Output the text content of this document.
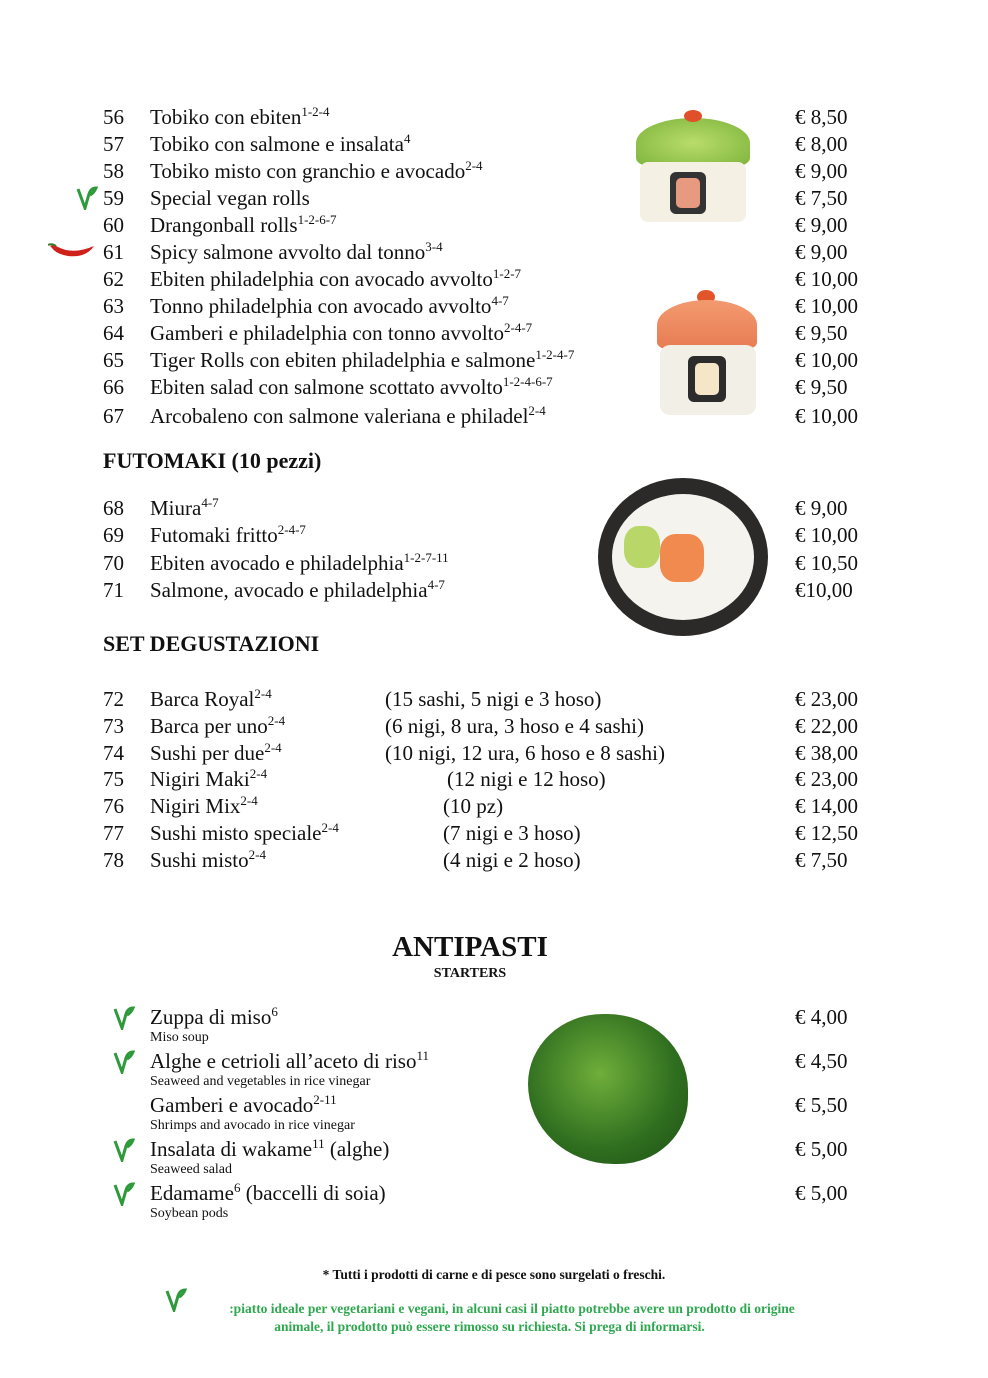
56 Tobiko con ebiten$^{1-2-4}$	€ 8,50
57 Tobiko con salmone e insalata$^4$	€ 8,00
58 Tobiko misto con granchio e avocado$^{2-4}$	€ 9,00
59 Special vegan rolls	€ 7,50
60 Drangonball rolls$^{1-2-6-7}$	€ 9,00
61 Spicy salmone avvolto dal tonno$^{3-4}$	€ 9,00
62 Ebiten philadelphia con avocado avvolto$^{1-2-7}$	€ 10,00
63 Tonno philadelphia con avocado avvolto$^{4-7}$	€ 10,00
64 Gamberi e philadelphia con tonno avvolto$^{2-4-7}$	€ 9,50
65 Tiger Rolls con ebiten philadelphia e salmone$^{1-2-4-7}$	€ 10,00
66 Ebiten salad con salmone scottato avvolto$^{1-2-4-6-7}$	€ 9,50
67 Arcobaleno con salmone valeriana e philadel$^{2-4}$	€ 10,00
FUTOMAKI (10 pezzi)
68 Miura$^{4-7}$	€ 9,00
69 Futomaki fritto$^{2-4-7}$	€ 10,00
70 Ebiten avocado e philadelphia$^{1-2-7-11}$	€ 10,50
71 Salmone, avocado e philadelphia$^{4-7}$	€10,00
SET DEGUSTAZIONI
72 Barca Royal$^{2-4}$	(15 sashi, 5 nigi e 3 hoso)	€ 23,00
73 Barca per uno$^{2-4}$	(6 nigi, 8 ura, 3 hoso e 4 sashi)	€ 22,00
74 Sushi per due$^{2-4}$	(10 nigi, 12 ura, 6 hoso e 8 sashi)	€ 38,00
75 Nigiri Maki$^{2-4}$	(12 nigi e 12 hoso)	€ 23,00
76 Nigiri Mix$^{2-4}$	(10 pz)	€ 14,00
77 Sushi misto speciale$^{2-4}$	(7 nigi e 3 hoso)	€ 12,50
78 Sushi misto$^{2-4}$	(4 nigi e 2 hoso)	€ 7,50
ANTIPASTI
STARTERS
Zuppa di miso$^6$	€ 4,00
Miso soup
Alghe e cetrioli all’aceto di riso$^{11}$	€ 4,50
Seaweed and vegetables in rice vinegar
Gamberi e avocado$^{2-11}$	€ 5,50
Shrimps and avocado in rice vinegar
Insalata di wakame$^{11}$ (alghe)	€ 5,00
Seaweed salad
Edamame$^6$ (baccelli di soia)	€ 5,00
Soybean pods
* Tutti i prodotti di carne e di pesce sono surgelati o freschi.
:piatto ideale per vegetariani e vegani, in alcuni casi il piatto potrebbe avere un prodotto di origine
animale, il prodotto può essere rimosso su richiesta. Si prega di informarsi.
